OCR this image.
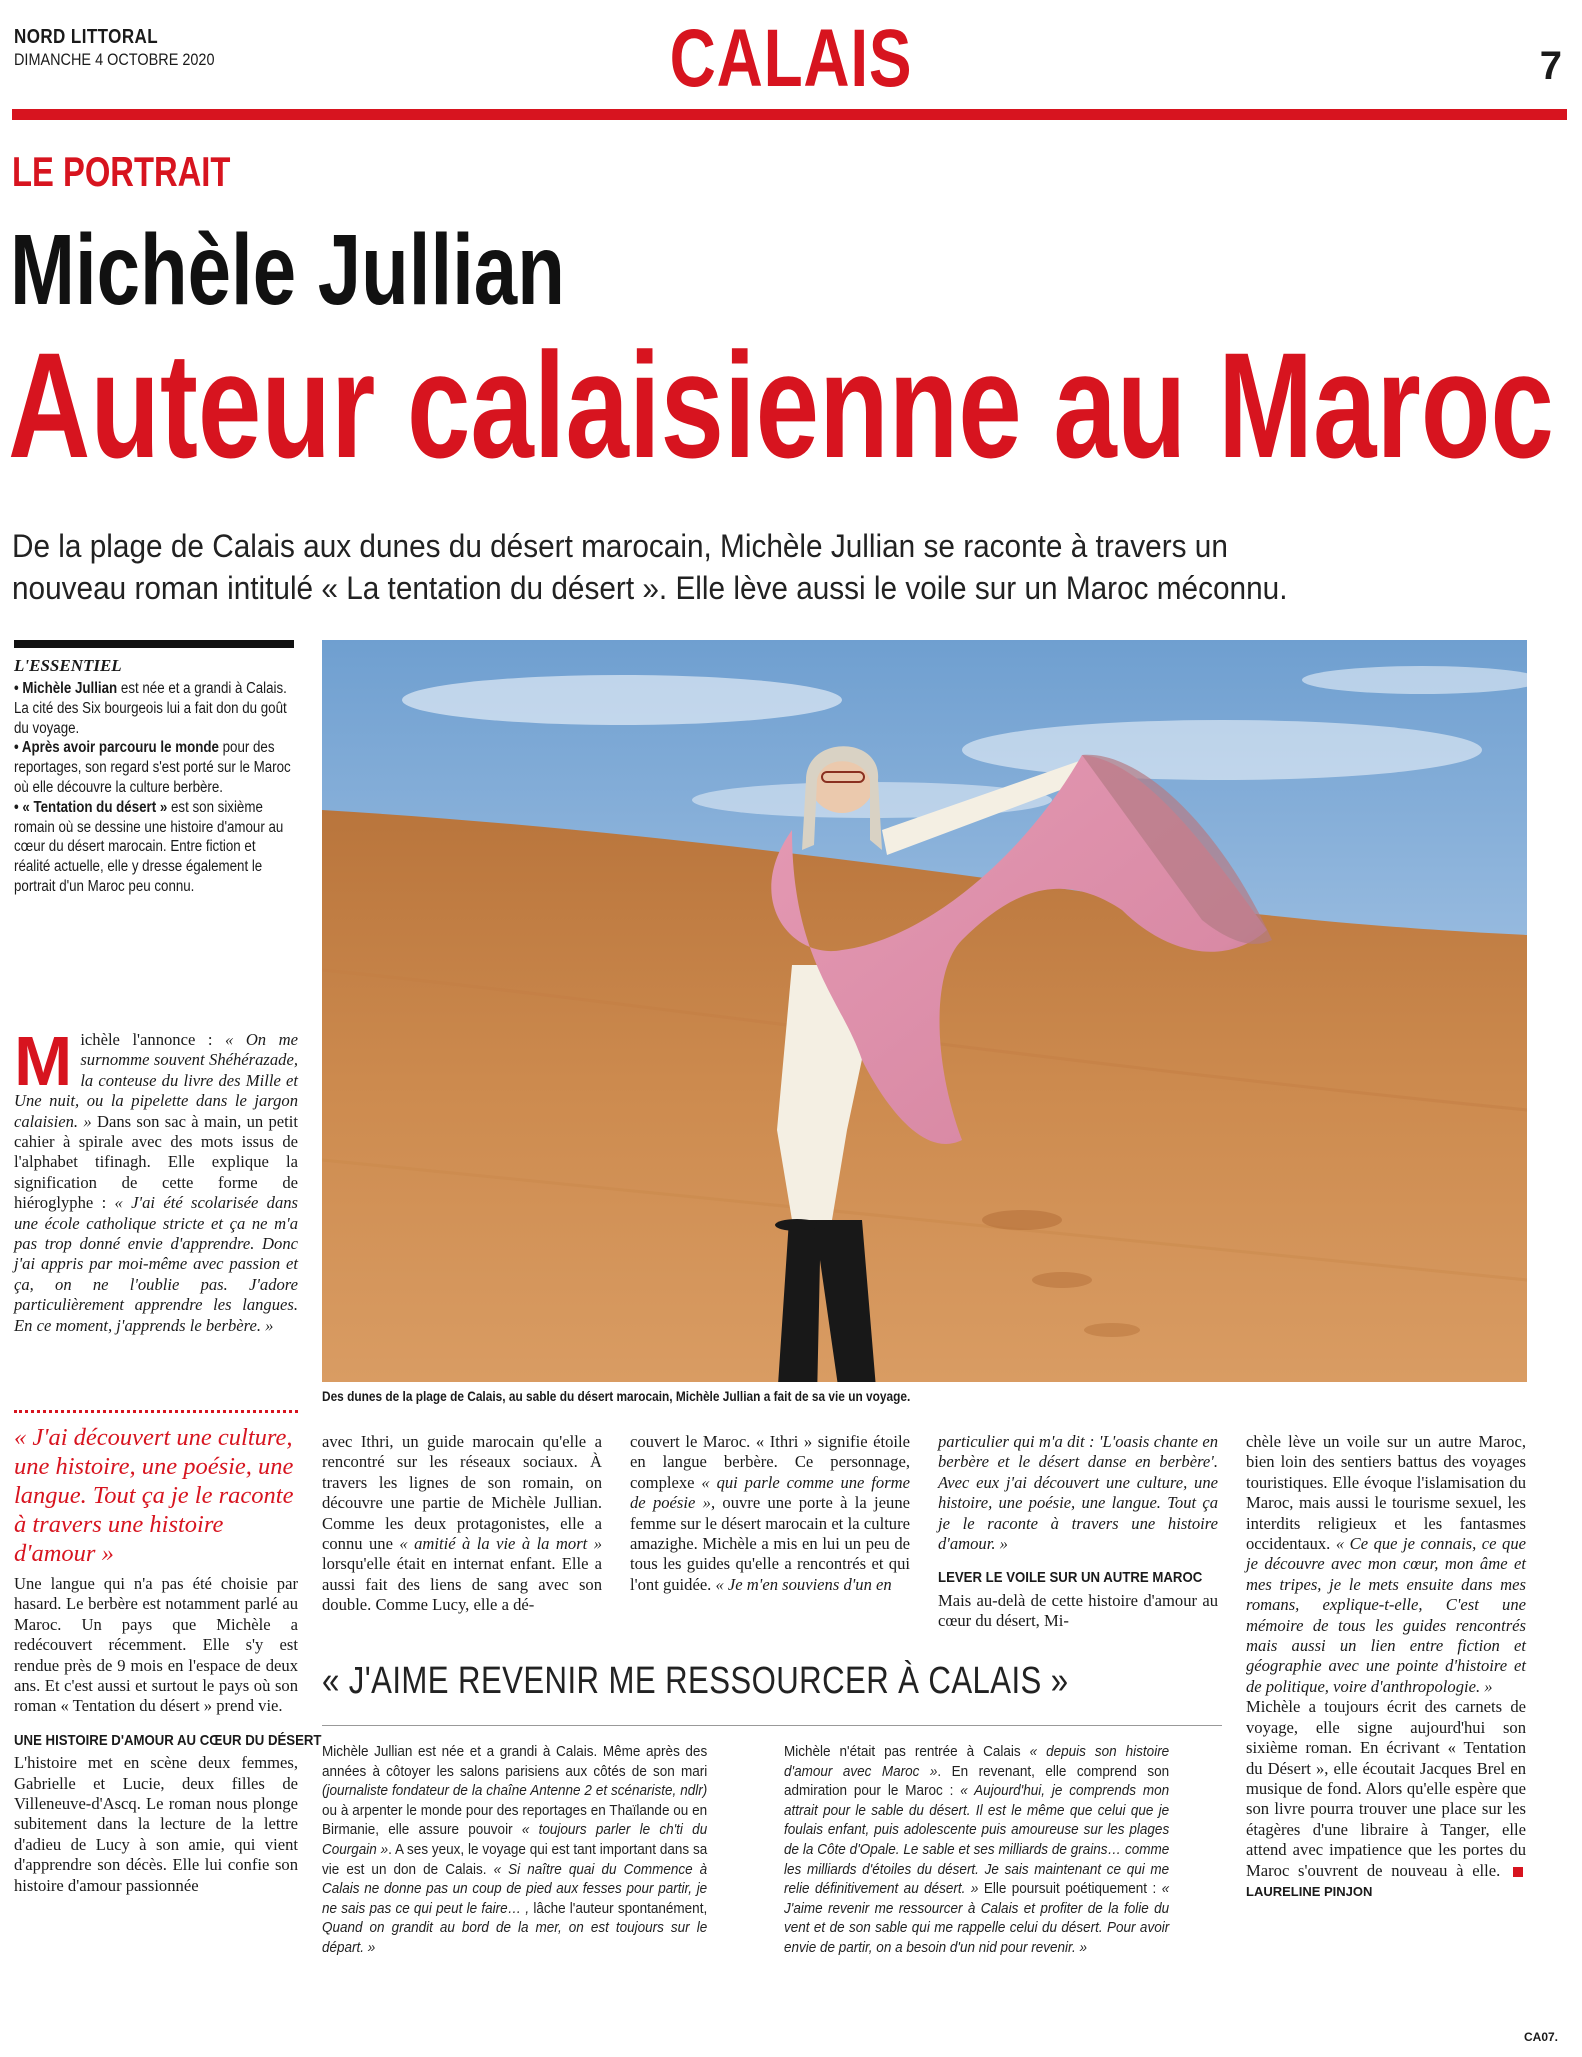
NORD LITTORAL
DIMANCHE 4 OCTOBRE 2020	CALAIS	7
LE PORTRAIT
Michèle Jullian
Auteur calaisienne au Maroc
De la plage de Calais aux dunes du désert marocain, Michèle Jullian se raconte à travers un nouveau roman intitulé « La tentation du désert ». Elle lève aussi le voile sur un Maroc méconnu.
L'ESSENTIEL

• Michèle Jullian est née et a grandi à Calais. La cité des Six bourgeois lui a fait don du goût du voyage.

• Après avoir parcouru le monde pour des reportages, son regard s'est porté sur le Maroc où elle découvre la culture berbère.

• « Tentation du désert » est son sixième romain où se dessine une histoire d'amour au cœur du désert marocain. Entre fiction et réalité actuelle, elle y dresse également le portrait d'un Maroc peu connu.

Des dunes de la plage de Calais, au sable du désert marocain, Michèle Jullian a fait de sa vie un voyage.

Michèle l'annonce : « On me surnomme souvent Shéhérazade, la conteuse du livre des Mille et Une nuit, ou la pipelette dans le jargon calaisien. » Dans son sac à main, un petit cahier à spirale avec des mots issus de l'alphabet tifinagh. Elle explique la signification de cette forme de hiéroglyphe : « J'ai été scolarisée dans une école catholique stricte et ça ne m'a pas trop donné envie d'apprendre. Donc j'ai appris par moi-même avec passion et ça, on ne l'oublie pas. J'adore particulièrement apprendre les langues. En ce moment, j'apprends le berbère. »

« J'ai découvert une culture, une histoire, une poésie, une langue. Tout ça je le raconte à travers une histoire d'amour »

Une langue qui n'a pas été choisie par hasard. Le berbère est notamment parlé au Maroc. Un pays que Michèle a redécouvert récemment. Elle s'y est rendue près de 9 mois en l'espace de deux ans. Et c'est aussi et surtout le pays où son roman « Tentation du désert » prend vie.

UNE HISTOIRE D'AMOUR AU CŒUR DU DÉSERT

L'histoire met en scène deux femmes, Gabrielle et Lucie, deux filles de Villeneuve-d'Ascq. Le roman nous plonge subitement dans la lecture de la lettre d'adieu de Lucy à son amie, qui vient d'apprendre son décès. Elle lui confie son histoire d'amour passionnée

avec Ithri, un guide marocain qu'elle a rencontré sur les réseaux sociaux. À travers les lignes de son romain, on découvre une partie de Michèle Jullian. Comme les deux protagonistes, elle a connu une « amitié à la vie à la mort » lorsqu'elle était en internat enfant. Elle a aussi fait des liens de sang avec son double. Comme Lucy, elle a dé-

couvert le Maroc. « Ithri » signifie étoile en langue berbère. Ce personnage, complexe « qui parle comme une forme de poésie », ouvre une porte à la jeune femme sur le désert marocain et la culture amazighe. Michèle a mis en lui un peu de tous les guides qu'elle a rencontrés et qui l'ont guidée. « Je m'en souviens d'un en

particulier qui m'a dit : 'L'oasis chante en berbère et le désert danse en berbère'. Avec eux j'ai découvert une culture, une histoire, une poésie, une langue. Tout ça je le raconte à travers une histoire d'amour. »

LEVER LE VOILE SUR UN AUTRE MAROC

Mais au-delà de cette histoire d'amour au cœur du désert, Mi-

chèle lève un voile sur un autre Maroc, bien loin des sentiers battus des voyages touristiques. Elle évoque l'islamisation du Maroc, mais aussi le tourisme sexuel, les interdits religieux et les fantasmes occidentaux. « Ce que je connais, ce que je découvre avec mon cœur, mon âme et mes tripes, je le mets ensuite dans mes romans, explique-t-elle, C'est une mémoire de tous les guides rencontrés mais aussi un lien entre fiction et géographie avec une pointe d'histoire et de politique, voire d'anthropologie. »

Michèle a toujours écrit des carnets de voyage, elle signe aujourd'hui son sixième roman. En écrivant « Tentation du Désert », elle écoutait Jacques Brel en musique de fond. Alors qu'elle espère que son livre pourra trouver une place sur les étagères d'une libraire à Tanger, elle attend avec impatience que les portes du Maroc s'ouvrent de nouveau à elle. LAURELINE PINJON

« J'AIME REVENIR ME RESSOURCER À CALAIS »
Michèle Jullian est née et a grandi à Calais. Même après des années à côtoyer les salons parisiens aux côtés de son mari (journaliste fondateur de la chaîne Antenne 2 et scénariste, ndlr) ou à arpenter le monde pour des reportages en Thaïlande ou en Birmanie, elle assure pouvoir « toujours parler le ch'ti du Courgain ». A ses yeux, le voyage qui est tant important dans sa vie est un don de Calais. « Si naître quai du Commence à Calais ne donne pas un coup de pied aux fesses pour partir, je ne sais pas ce qui peut le faire… , lâche l'auteur spontanément, Quand on grandit au bord de la mer, on est toujours sur le départ. »
Michèle n'était pas rentrée à Calais « depuis son histoire d'amour avec Maroc ». En revenant, elle comprend son admiration pour le Maroc : « Aujourd'hui, je comprends mon attrait pour le sable du désert. Il est le même que celui que je foulais enfant, puis adolescente puis amoureuse sur les plages de la Côte d'Opale. Le sable et ses milliards de grains… comme les milliards d'étoiles du désert. Je sais maintenant ce qui me relie définitivement au désert. » Elle poursuit poétiquement : « J'aime revenir me ressourcer à Calais et profiter de la folie du vent et de son sable qui me rappelle celui du désert. Pour avoir envie de partir, on a besoin d'un nid pour revenir. »
CA07.
